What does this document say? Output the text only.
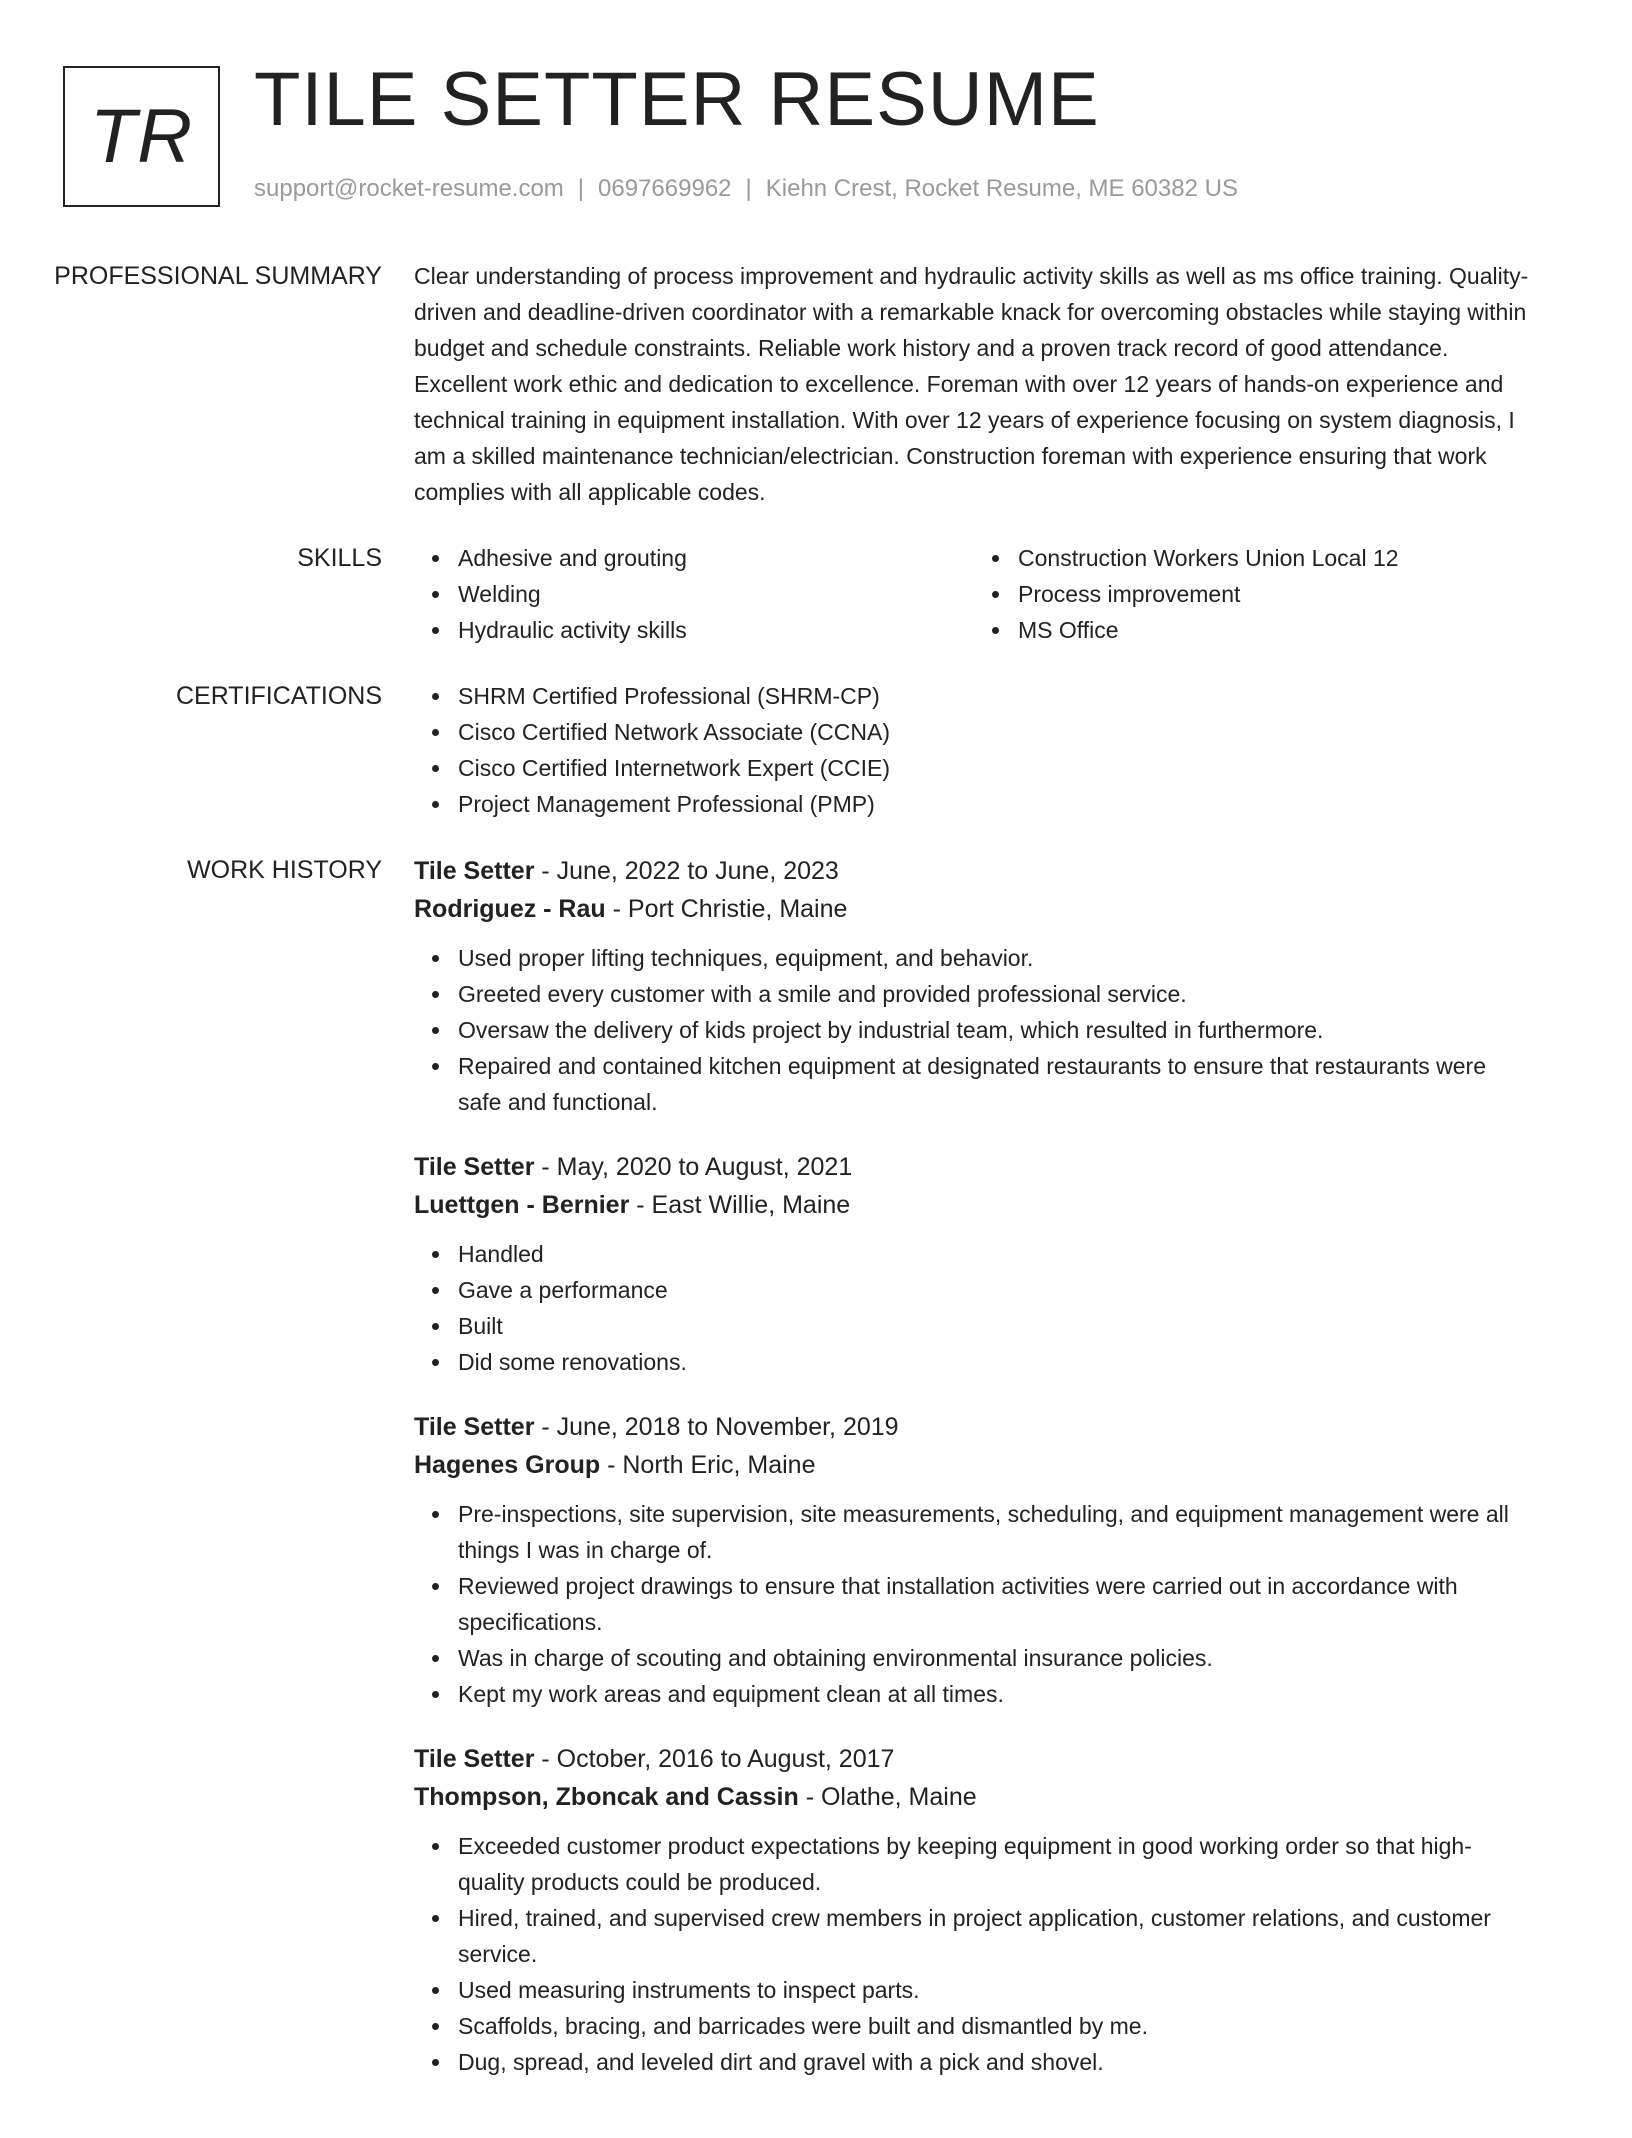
TR TILE SETTER RESUME
support@rocket-resume.com | 0697669962 | Kiehn Crest, Rocket Resume, ME 60382 US
PROFESSIONAL SUMMARY	Clear understanding of process improvement and hydraulic activity skills as well as ms office training. Quality-driven and deadline-driven coordinator with a remarkable knack for overcoming obstacles while staying within budget and schedule constraints. Reliable work history and a proven track record of good attendance. Excellent work ethic and dedication to excellence. Foreman with over 12 years of hands-on experience and technical training in equipment installation. With over 12 years of experience focusing on system diagnosis, I am a skilled maintenance technician/electrician. Construction foreman with experience ensuring that work complies with all applicable codes.

SKILLS	Adhesive and grouting
Welding
Hydraulic activity skills
Construction Workers Union Local 12
Process improvement
MS Office
CERTIFICATIONS	SHRM Certified Professional (SHRM-CP)
Cisco Certified Network Associate (CCNA)
Cisco Certified Internetwork Expert (CCIE)
Project Management Professional (PMP)
WORK HISTORY	Tile Setter - June, 2022 to June, 2023
Rodriguez - Rau - Port Christie, Maine
Used proper lifting techniques, equipment, and behavior.
Greeted every customer with a smile and provided professional service.
Oversaw the delivery of kids project by industrial team, which resulted in furthermore.
Repaired and contained kitchen equipment at designated restaurants to ensure that restaurants were safe and functional.
Tile Setter - May, 2020 to August, 2021
Luettgen - Bernier - East Willie, Maine
Handled
Gave a performance
Built
Did some renovations.
Tile Setter - June, 2018 to November, 2019
Hagenes Group - North Eric, Maine
Pre-inspections, site supervision, site measurements, scheduling, and equipment management were all things I was in charge of.
Reviewed project drawings to ensure that installation activities were carried out in accordance with specifications.
Was in charge of scouting and obtaining environmental insurance policies.
Kept my work areas and equipment clean at all times.
Tile Setter - October, 2016 to August, 2017
Thompson, Zboncak and Cassin - Olathe, Maine
Exceeded customer product expectations by keeping equipment in good working order so that high-quality products could be produced.
Hired, trained, and supervised crew members in project application, customer relations, and customer service.
Used measuring instruments to inspect parts.
Scaffolds, bracing, and barricades were built and dismantled by me.
Dug, spread, and leveled dirt and gravel with a pick and shovel.
